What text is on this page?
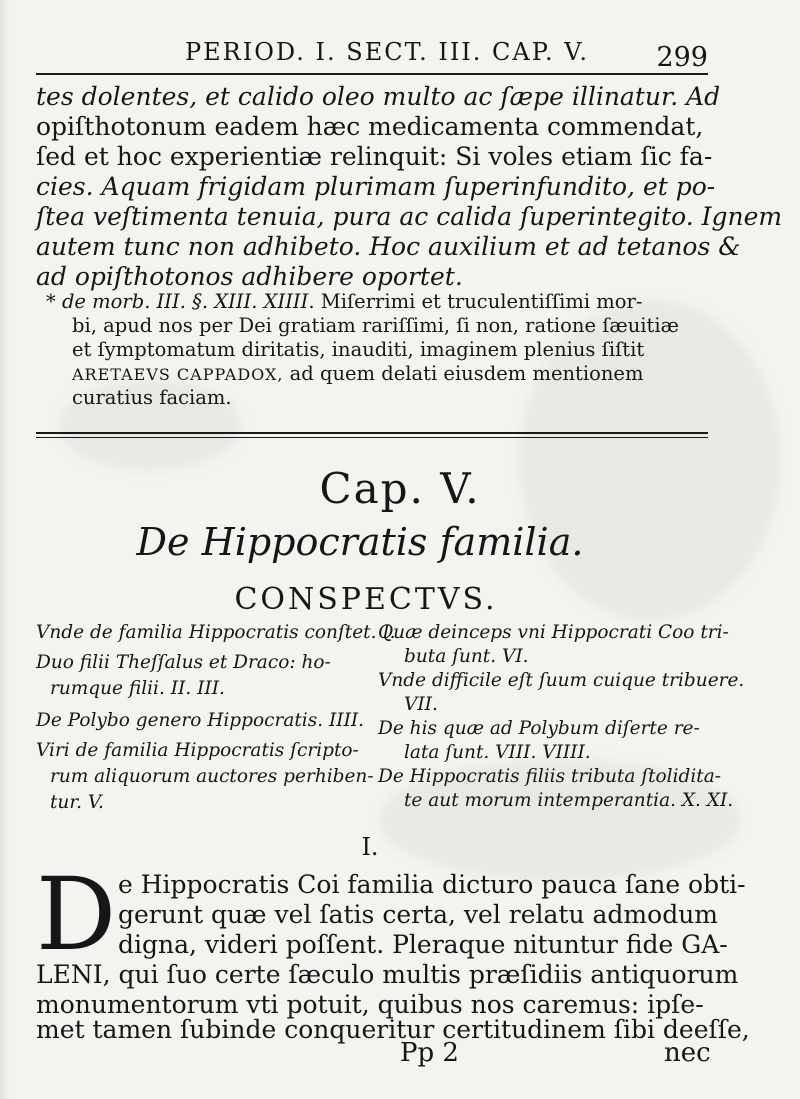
PERIOD. I. SECT. III. CAP. V. 299
tes dolentes, et calido oleo multo ac ſæpe illinatur. Ad
opiſthotonum eadem hæc medicamenta commendat,
ſed et hoc experientiæ relinquit: Si voles etiam ſic fa-
cies. Aquam frigidam plurimam ſuperinfundito, et po-
ſtea veſtimenta tenuia, pura ac calida ſuperintegito. Ignem
autem tunc non adhibeto. Hoc auxilium et ad tetanos &
ad opiſthotonos adhibere oportet.
* de morb. III. §. XIII. XIIII. Miſerrimi et truculentiſſimi mor-
bi, apud nos per Dei gratiam rariſſimi, ſi non, ratione ſæuitiæ
et ſymptomatum diritatis, inauditi, imaginem plenius ſiſtit
ARETAEVS CAPPADOX, ad quem delati eiusdem mentionem
curatius faciam.
Cap. V.
De Hippocratis familia.
CONSPECTVS.
Vnde de familia Hippocratis conſtet. I.
Duo filii Theſſalus et Draco: ho-
rumque filii. II. III.
De Polybo genero Hippocratis. IIII.
Viri de familia Hippocratis ſcripto-
rum aliquorum auctores perhiben-
tur. V.
Quæ deinceps vni Hippocrati Coo tri-
buta ſunt. VI.
Vnde difficile eſt ſuum cuique tribuere.
VII.
De his quæ ad Polybum diſerte re-
lata ſunt. VIII. VIIII.
De Hippocratis filiis tributa ſtolidita-
te aut morum intemperantia. X. XI.
I.
D e Hippocratis Coi familia dicturo pauca ſane obti-
gerunt quæ vel ſatis certa, vel relatu admodum
digna, videri poſſent. Pleraque nituntur fide GA-
LENI, qui ſuo certe ſæculo multis præſidiis antiquorum
monumentorum vti potuit, quibus nos caremus: ipſe-
met tamen ſubinde conqueritur certitudinem ſibi deeſſe,
Pp 2	nec
